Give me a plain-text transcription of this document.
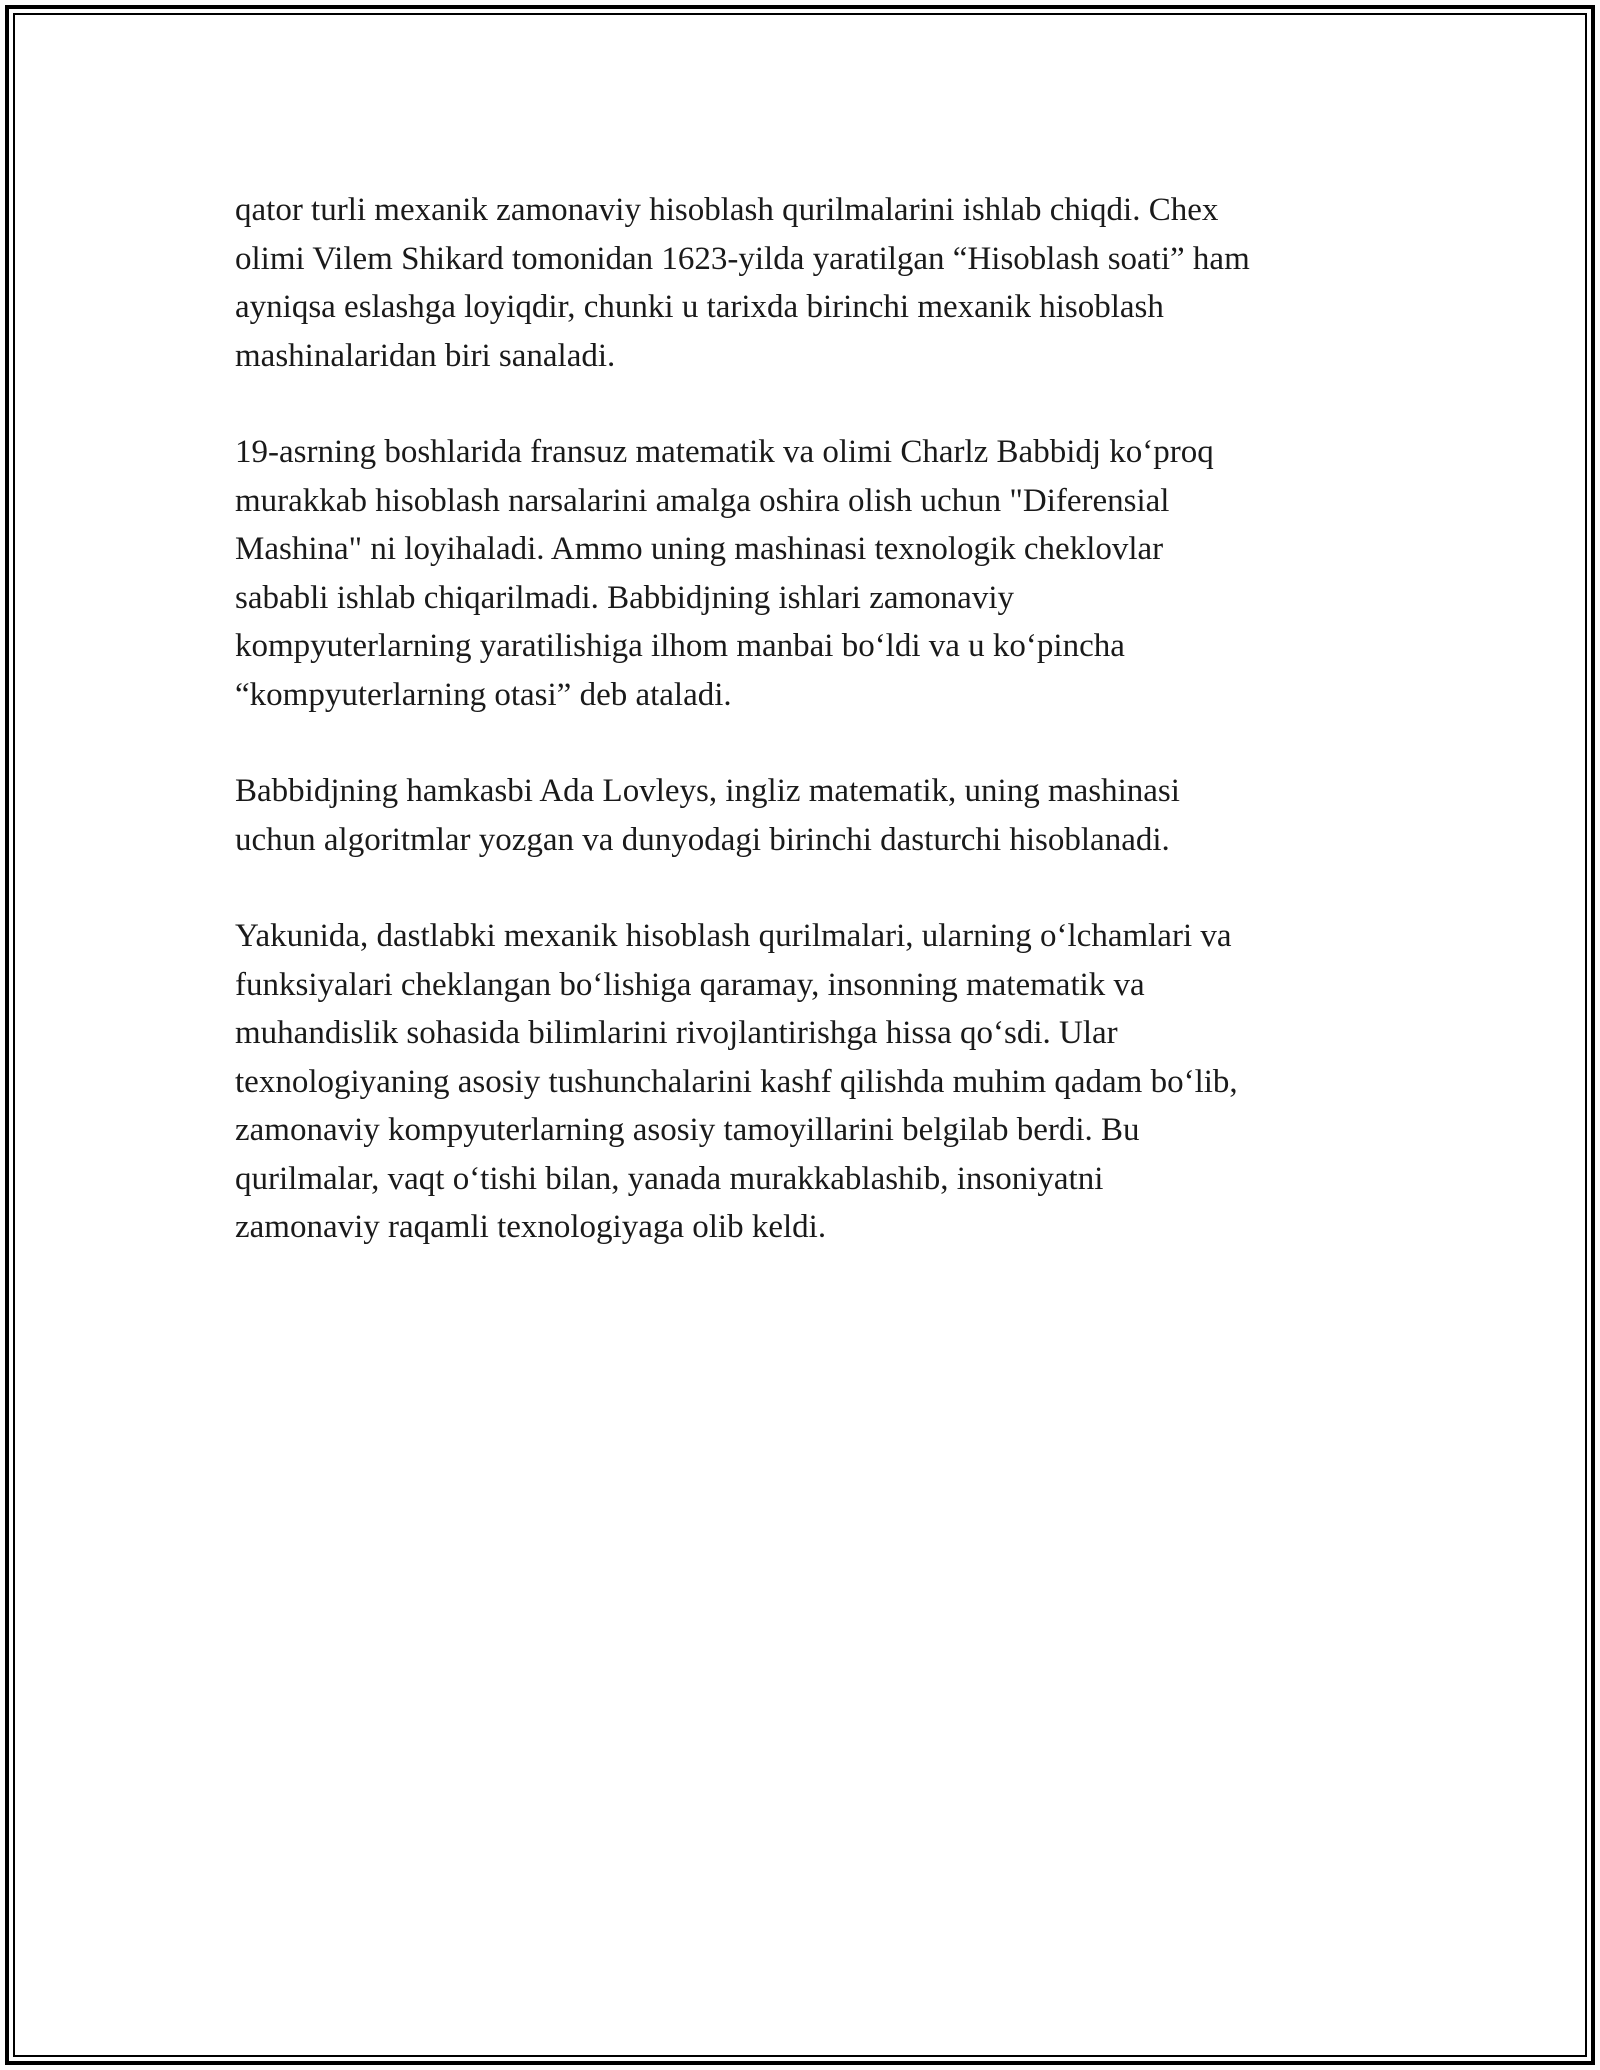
qator turli mexanik zamonaviy hisoblash qurilmalarini ishlab chiqdi. Chex
olimi Vilem Shikard tomonidan 1623-yilda yaratilgan “Hisoblash soati” ham
ayniqsa eslashga loyiqdir, chunki u tarixda birinchi mexanik hisoblash
mashinalaridan biri sanaladi.

19-asrning boshlarida fransuz matematik va olimi Charlz Babbidj ko‘proq
murakkab hisoblash narsalarini amalga oshira olish uchun "Diferensial
Mashina" ni loyihaladi. Ammo uning mashinasi texnologik cheklovlar
sababli ishlab chiqarilmadi. Babbidjning ishlari zamonaviy
kompyuterlarning yaratilishiga ilhom manbai bo‘ldi va u ko‘pincha
“kompyuterlarning otasi” deb ataladi.

Babbidjning hamkasbi Ada Lovleys, ingliz matematik, uning mashinasi
uchun algoritmlar yozgan va dunyodagi birinchi dasturchi hisoblanadi.

Yakunida, dastlabki mexanik hisoblash qurilmalari, ularning o‘lchamlari va
funksiyalari cheklangan bo‘lishiga qaramay, insonning matematik va
muhandislik sohasida bilimlarini rivojlantirishga hissa qo‘sdi. Ular
texnologiyaning asosiy tushunchalarini kashf qilishda muhim qadam bo‘lib,
zamonaviy kompyuterlarning asosiy tamoyillarini belgilab berdi. Bu
qurilmalar, vaqt o‘tishi bilan, yanada murakkablashib, insoniyatni
zamonaviy raqamli texnologiyaga olib keldi.
